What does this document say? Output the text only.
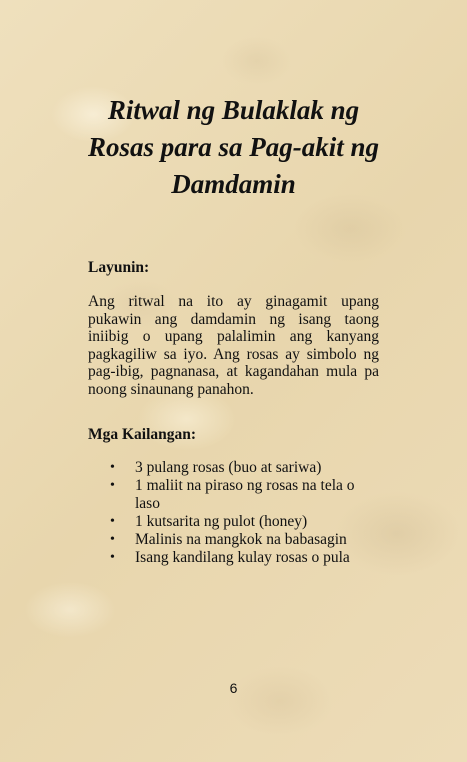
Ritwal ng Bulaklak ng
Rosas para sa Pag-akit ng
Damdamin
Layunin:

Ang ritwal na ito ay ginagamit upang
pukawin ang damdamin ng isang taong
iniibig o upang palalimin ang kanyang
pagkagiliw sa iyo. Ang rosas ay simbolo ng
pag-ibig, pagnanasa, at kagandahan mula pa
noong sinaunang panahon.

Mga Kailangan:
• 3 pulang rosas (buo at sariwa)
• 1 maliit na piraso ng rosas na tela o
laso
• 1 kutsarita ng pulot (honey)
• Malinis na mangkok na babasagin
• Isang kandilang kulay rosas o pula
6
